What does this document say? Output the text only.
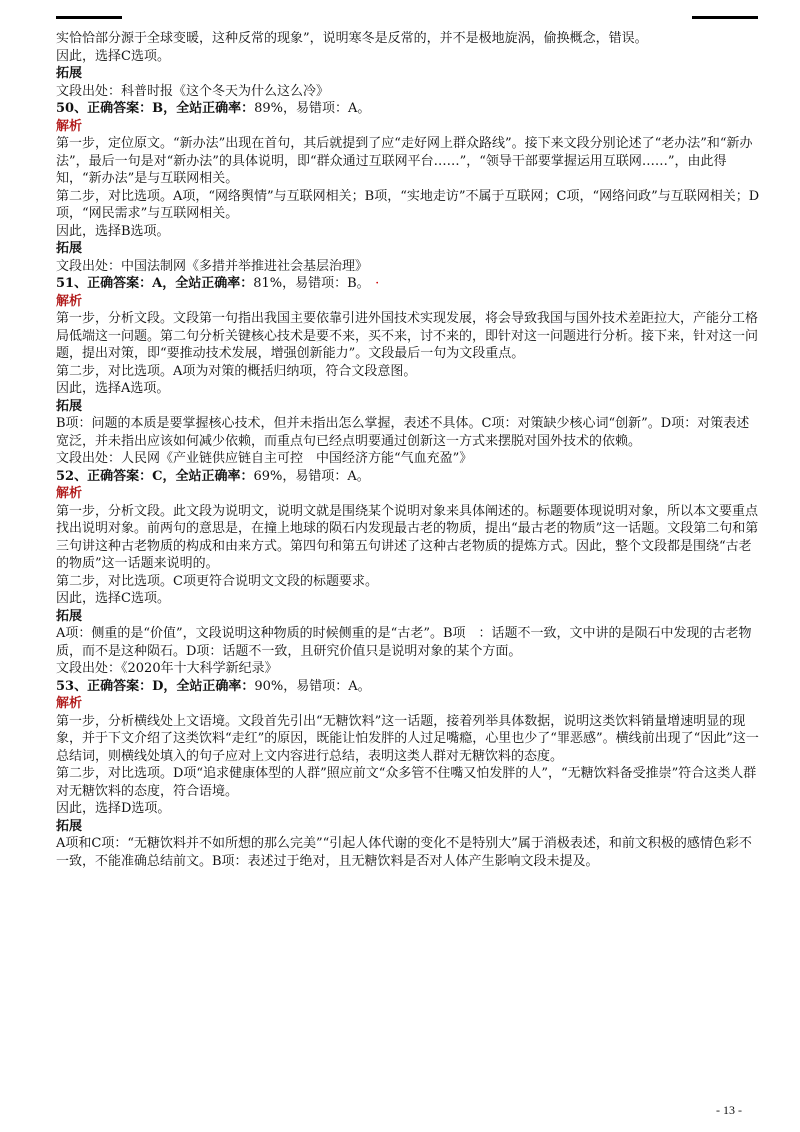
实恰恰部分源于全球变暖，这种反常的现象”，说明寒冬是反常的，并不是极地旋涡，偷换概念，错误。

因此，选择C选项。

拓展

文段出处：科普时报《这个冬天为什么这么冷》

50、正确答案：B，全站正确率：89%，易错项：A。

解析

第一步，定位原文。“新办法”出现在首句，其后就提到了应“走好网上群众路线”。接下来文段分别论述了“老办法”和“新办法”，最后一句是对“新办法”的具体说明，即“群众通过互联网平台……”，“领导干部要掌握运用互联网……”，由此得知，“新办法”是与互联网相关。

第二步，对比选项。A项，“网络舆情”与互联网相关；B项，“实地走访”不属于互联网；C项，“网络问政”与互联网相关；D项，“网民需求”与互联网相关。

因此，选择B选项。

拓展

文段出处：中国法制网《多措并举推进社会基层治理》

51、正确答案：A，全站正确率：81%，易错项：B。 ·

解析

第一步，分析文段。文段第一句指出我国主要依靠引进外国技术实现发展，将会导致我国与国外技术差距拉大，产能分工格局低端这一问题。第二句分析关键核心技术是要不来，买不来，讨不来的，即针对这一问题进行分析。接下来，针对这一问题，提出对策，即“要推动技术发展，增强创新能力”。文段最后一句为文段重点。

第二步，对比选项。A项为对策的概括归纳项，符合文段意图。

因此，选择A选项。

拓展

B项：问题的本质是要掌握核心技术，但并未指出怎么掌握，表述不具体。C项：对策缺少核心词“创新”。D项：对策表述宽泛，并未指出应该如何减少依赖，而重点句已经点明要通过创新这一方式来摆脱对国外技术的依赖。

文段出处：人民网《产业链供应链自主可控　中国经济方能“气血充盈”》

52、正确答案：C，全站正确率：69%，易错项：A。

解析

第一步，分析文段。此文段为说明文，说明文就是围绕某个说明对象来具体阐述的。标题要体现说明对象，所以本文要重点找出说明对象。前两句的意思是，在撞上地球的陨石内发现最古老的物质，提出“最古老的物质”这一话题。文段第二句和第三句讲这种古老物质的构成和由来方式。第四句和第五句讲述了这种古老物质的提炼方式。因此，整个文段都是围绕“古老的物质”这一话题来说明的。

第二步，对比选项。C项更符合说明文文段的标题要求。

因此，选择C选项。

拓展

A项：侧重的是“价值”，文段说明这种物质的时候侧重的是“古老”。B项　：话题不一致，文中讲的是陨石中发现的古老物质，而不是这种陨石。D项：话题不一致，且研究价值只是说明对象的某个方面。

文段出处：《2020年十大科学新纪录》

53、正确答案：D，全站正确率：90%，易错项：A。

解析

第一步，分析横线处上文语境。文段首先引出“无糖饮料”这一话题，接着列举具体数据，说明这类饮料销量增速明显的现象，并于下文介绍了这类饮料“走红”的原因，既能让怕发胖的人过足嘴瘾，心里也少了“罪恶感”。横线前出现了“因此”这一总结词，则横线处填入的句子应对上文内容进行总结，表明这类人群对无糖饮料的态度。

第二步，对比选项。D项“追求健康体型的人群”照应前文“众多管不住嘴又怕发胖的人”，“无糖饮料备受推崇”符合这类人群对无糖饮料的态度，符合语境。

因此，选择D选项。

拓展

A项和C项：“无糖饮料并不如所想的那么完美”“引起人体代谢的变化不是特别大”属于消极表述，和前文积极的感情色彩不一致，不能准确总结前文。B项：表述过于绝对，且无糖饮料是否对人体产生影响文段未提及。

- 13 -
